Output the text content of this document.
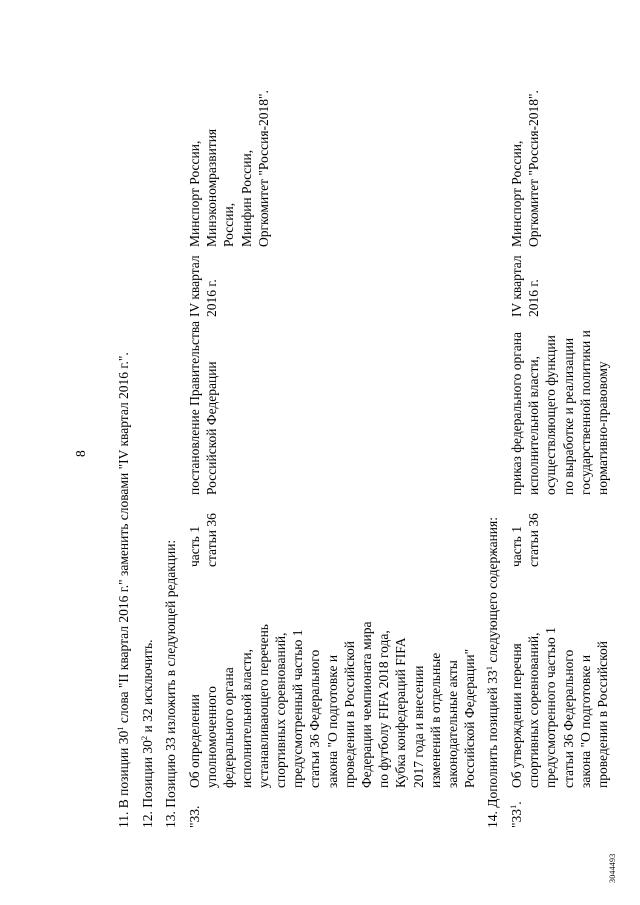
8
11. В позиции $30^1$ слова "II квартал 2016 г." заменить словами "IV квартал 2016 г.".
12. Позиции $30^2$ и 32 исключить. 13. Позицию 33 изложить в следующей редакции: "33.
Об определении
уполномоченного
федерального органа
исполнительной власти,
устанавливающего перечень
спортивных соревнований,
предусмотренный частью 1
статьи 36 Федерального
закона "О подготовке и
проведении в Российской
Федерации чемпионата мира
по футболу FIFA 2018 года,
Кубка конфедераций FIFA
2017 года и внесении
изменений в отдельные
законодательные акты
Российской Федерации"
часть 1
статьи 36
постановление Правительства
Российской Федерации
IV квартал
2016 г.
Минспорт России,
Минэкономразвития
России,
Минфин России,
Оргкомитет "Россия-2018".
14. Дополнить позицией $33^1$ следующего содержания:
"$33^1$.
Об утверждении перечня
спортивных соревнований,
предусмотренного частью 1
статьи 36 Федерального
закона "О подготовке и
проведении в Российской
часть 1
статьи 36
приказ федерального органа
исполнительной власти,
осуществляющего функции
по выработке и реализации
государственной политики и
нормативно-правовому
IV квартал
2016 г.
Минспорт России,
Оргкомитет "Россия-2018".
3044493
